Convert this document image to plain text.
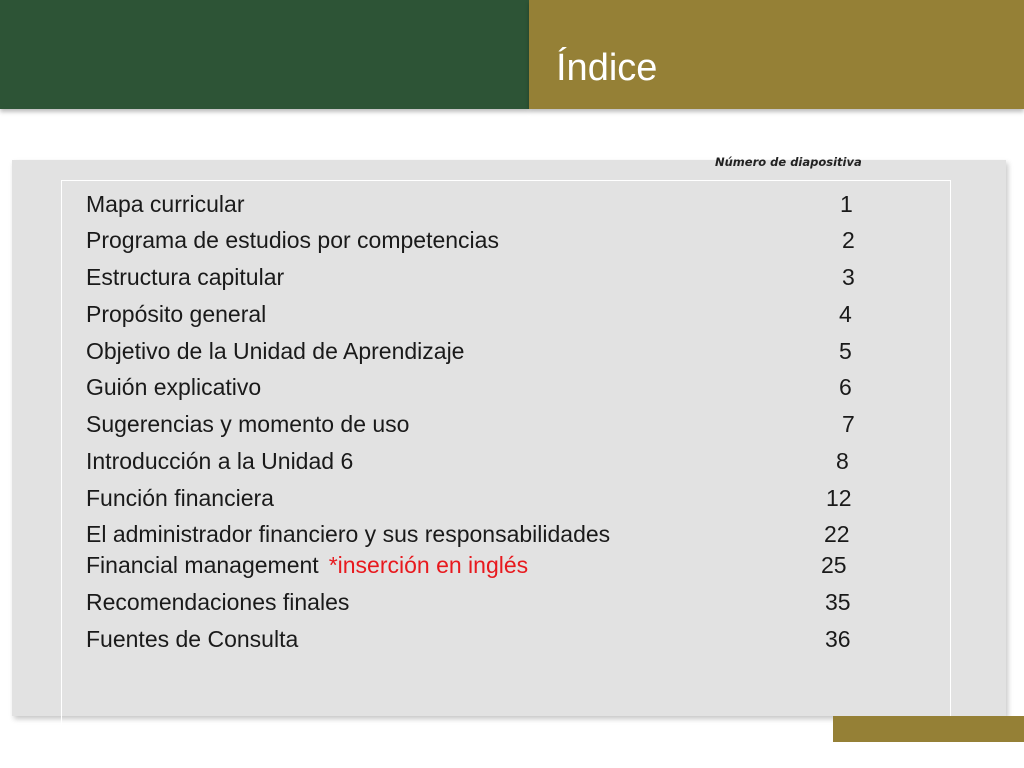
Índice
Número de diapositiva
Mapa curricular	1
Programa de estudios por competencias	2
Estructura capitular	3
Propósito general	4
Objetivo de la Unidad de Aprendizaje	5
Guión explicativo	6
Sugerencias y momento de uso	7
Introducción a la Unidad 6	8
Función financiera	12
El administrador financiero y sus responsabilidades	22
Financial management *inserción en inglés	25
Recomendaciones finales	35
Fuentes de Consulta	36
